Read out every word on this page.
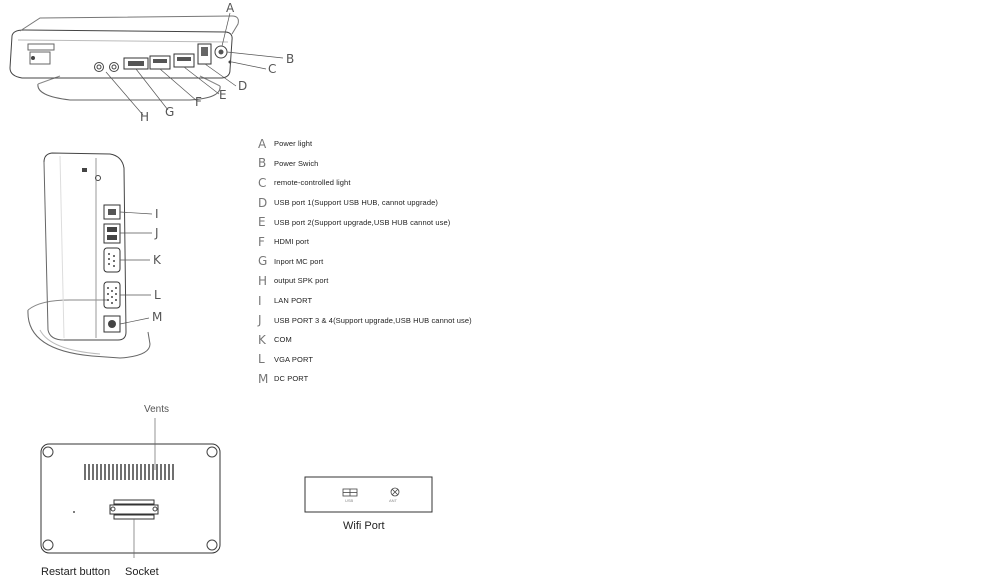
A
B
C
D
E
F
G
H
I
J
K
L
M
A	Power light
B	Power Swich
C	remote-controlled light
D USB port 1(Support USB HUB, cannot upgrade)
E	USB port 2(Support upgrade,USB HUB cannot use)
F	HDMI port
G Inport MC port
H output SPK port
I	LAN PORT
J	USB PORT 3 & 4(Support upgrade,USB HUB cannot use)
K	COM
L	VGA PORT
M DC PORT
Vents
Restart button Socket
USB	ANT
Wifi Port
